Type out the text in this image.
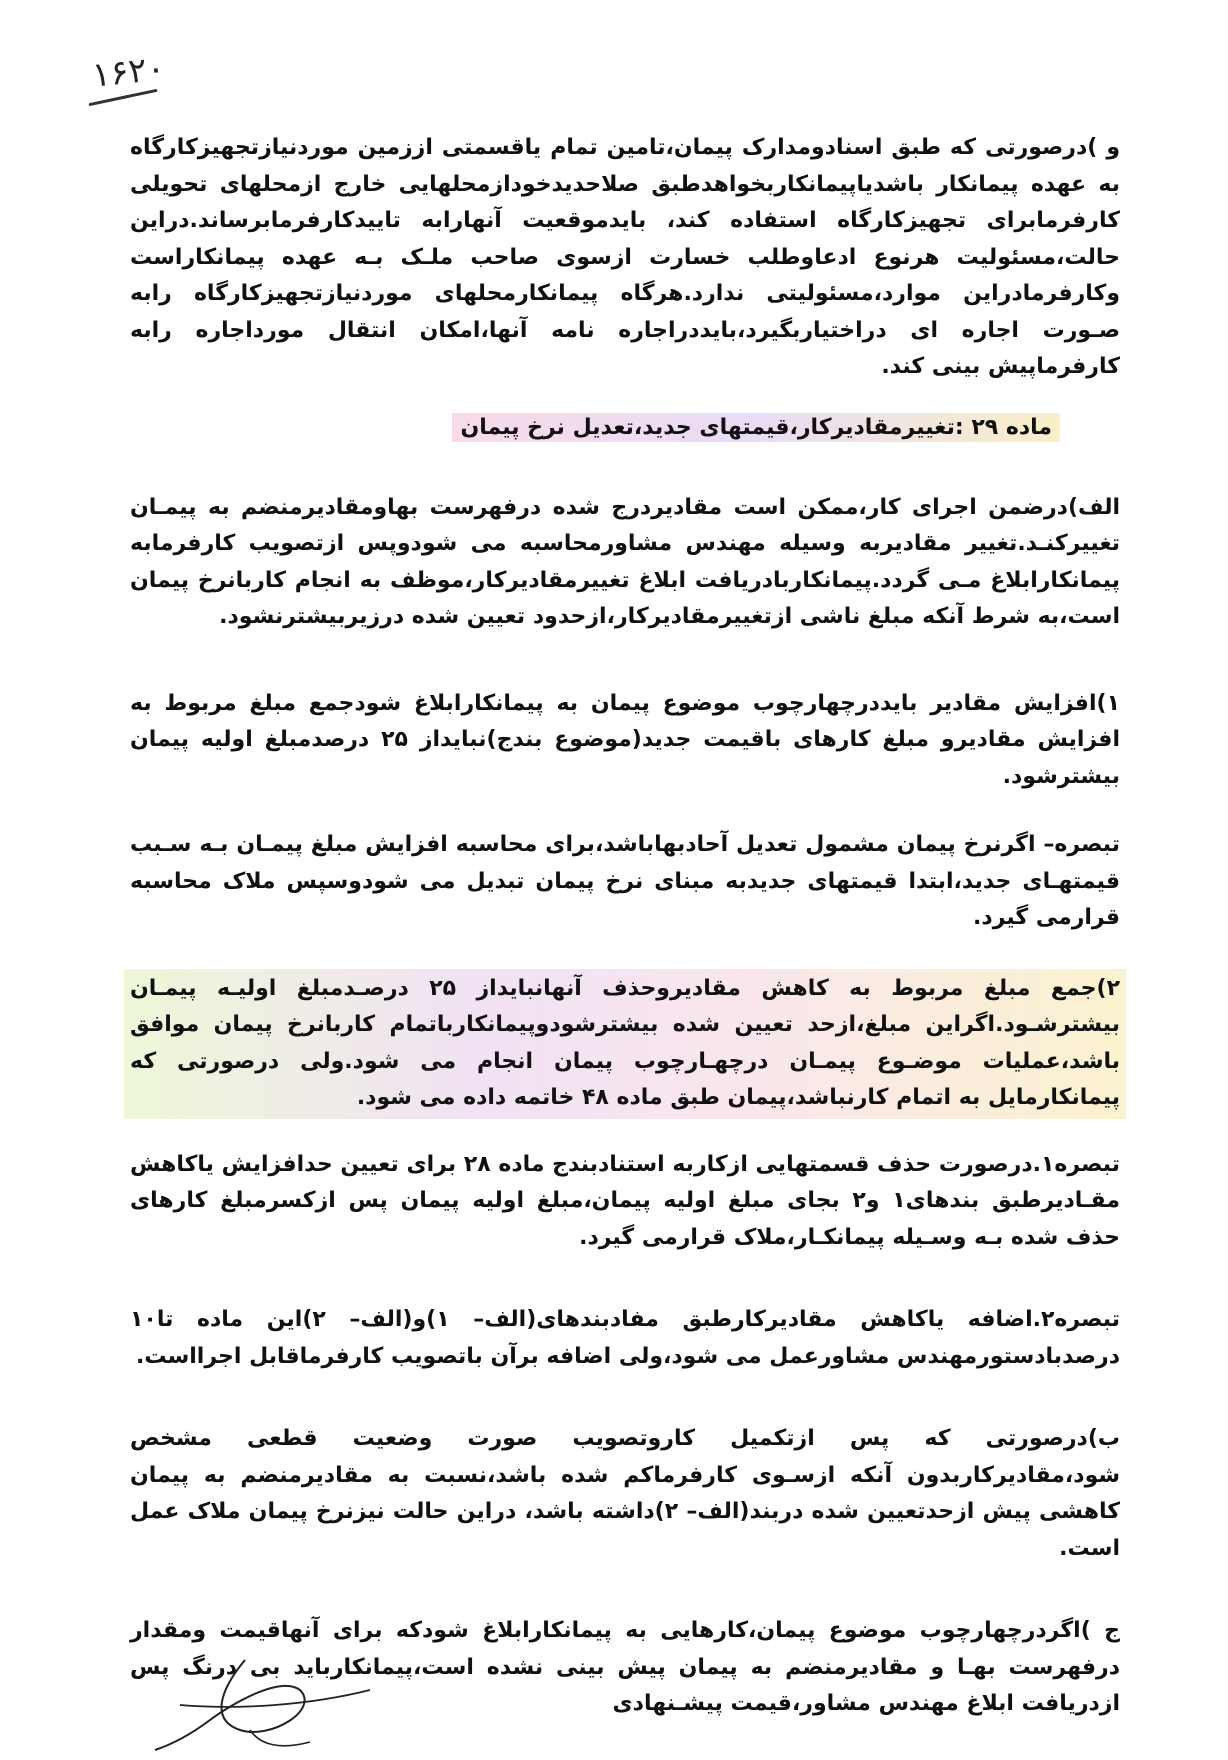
۱۶۲۰

و )درصورتی که طبق اسنادومدارک پیمان،تامین تمام یاقسمتی اززمین موردنیازتجهیزکارگاه به عهده پیمانکار باشدیاپیمانکاربخواهدطبق صلاحدیدخودازمحلهایی خارج ازمحلهای تحویلی کارفرمابرای تجهیزکارگاه استفاده کند، بایدموقعیت آنهارابه تاییدکارفرمابرساند.دراین حالت،مسئولیت هرنوع ادعاوطلب خسارت ازسوی صاحب ملـک بـه عهده پیمانکاراست وکارفرمادراین موارد،مسئولیتی ندارد.هرگاه پیمانکارمحلهای موردنیازتجهیزکارگاه رابه صـورت اجاره ای دراختیاربگیرد،بایددراجاره نامه آنها،امکان انتقال مورداجاره رابه کارفرماپیش بینی کند.

ماده ۲۹ :تغییرمقادیرکار،قیمتهای جدید،تعدیل نرخ پیمان

الف)درضمن اجرای کار،ممکن است مقادیردرج شده درفهرست بهاومقادیرمنضم به پیمـان تغییرکنـد.تغییر مقادیربه وسیله مهندس مشاورمحاسبه می شودوپس ازتصویب کارفرمابه پیمانکارابلاغ مـی گردد.پیمانکاربادریافت ابلاغ تغییرمقادیرکار،موظف به انجام کاربانرخ پیمان است،به شرط آنکه مبلغ ناشی ازتغییرمقادیرکار،ازحدود تعیین شده درزیربیشترنشود.

۱)افزایش مقادیر بایددرچهارچوب موضوع پیمان به پیمانکارابلاغ شودجمع مبلغ مربوط به افزایش مقادیرو مبلغ کارهای باقیمت جدید(موضوع بندج)نبایداز ۲۵ درصدمبلغ اولیه پیمان بیشترشود.

تبصره– اگرنرخ پیمان مشمول تعدیل آحادبهاباشد،برای محاسبه افزایش مبلغ پیمـان بـه سـبب قیمتهـای جدید،ابتدا قیمتهای جدیدبه مبنای نرخ پیمان تبدیل می شودوسپس ملاک محاسبه قرارمی گیرد.

۲)جمع مبلغ مربوط به کاهش مقادیروحذف آنهانبایداز ۲۵ درصـدمبلغ اولیـه پیمـان بیشترشـود.اگراین مبلغ،ازحد تعیین شده بیشترشودوپیمانکارباتمام کاربانرخ پیمان موافق باشد،عملیات موضـوع پیمـان درچهـارچوب پیمان انجام می شود.ولی درصورتی که پیمانکارمایل به اتمام کارنباشد،پیمان طبق ماده ۴۸ خاتمه داده می شود.

تبصره۱.درصورت حذف قسمتهایی ازکاربه استنادبندج ماده ۲۸ برای تعیین حدافزایش یاکاهش مقـادیرطبق بندهای۱ و۲ بجای مبلغ اولیه پیمان،مبلغ اولیه پیمان پس ازکسرمبلغ کارهای حذف شده بـه وسـیله پیمانکـار،ملاک قرارمی گیرد.

تبصره۲.اضافه یاکاهش مقادیرکارطبق مفادبندهای(الف– ۱)و(الف– ۲)این ماده تا۱۰ درصدبادستورمهندس مشاورعمل می شود،ولی اضافه برآن باتصویب کارفرماقابل اجرااست.

ب)درصورتی که پس ازتکمیل کاروتصویب صورت وضعیت قطعی مشخص شود،مقادیرکاربدون آنکه ازسـوی کارفرماکم شده باشد،نسبت به مقادیرمنضم به پیمان کاهشی پیش ازحدتعیین شده دربند(الف– ۲)داشته باشد، دراین حالت نیزنرخ پیمان ملاک عمل است.

ج )اگردرچهارچوب موضوع پیمان،کارهایی به پیمانکارابلاغ شودکه برای آنهاقیمت ومقدار درفهرست بهـا و مقادیرمنضم به پیمان پیش بینی نشده است،پیمانکارباید بی درنگ پس ازدریافت ابلاغ مهندس مشاور،قیمت پیشـنهادی
